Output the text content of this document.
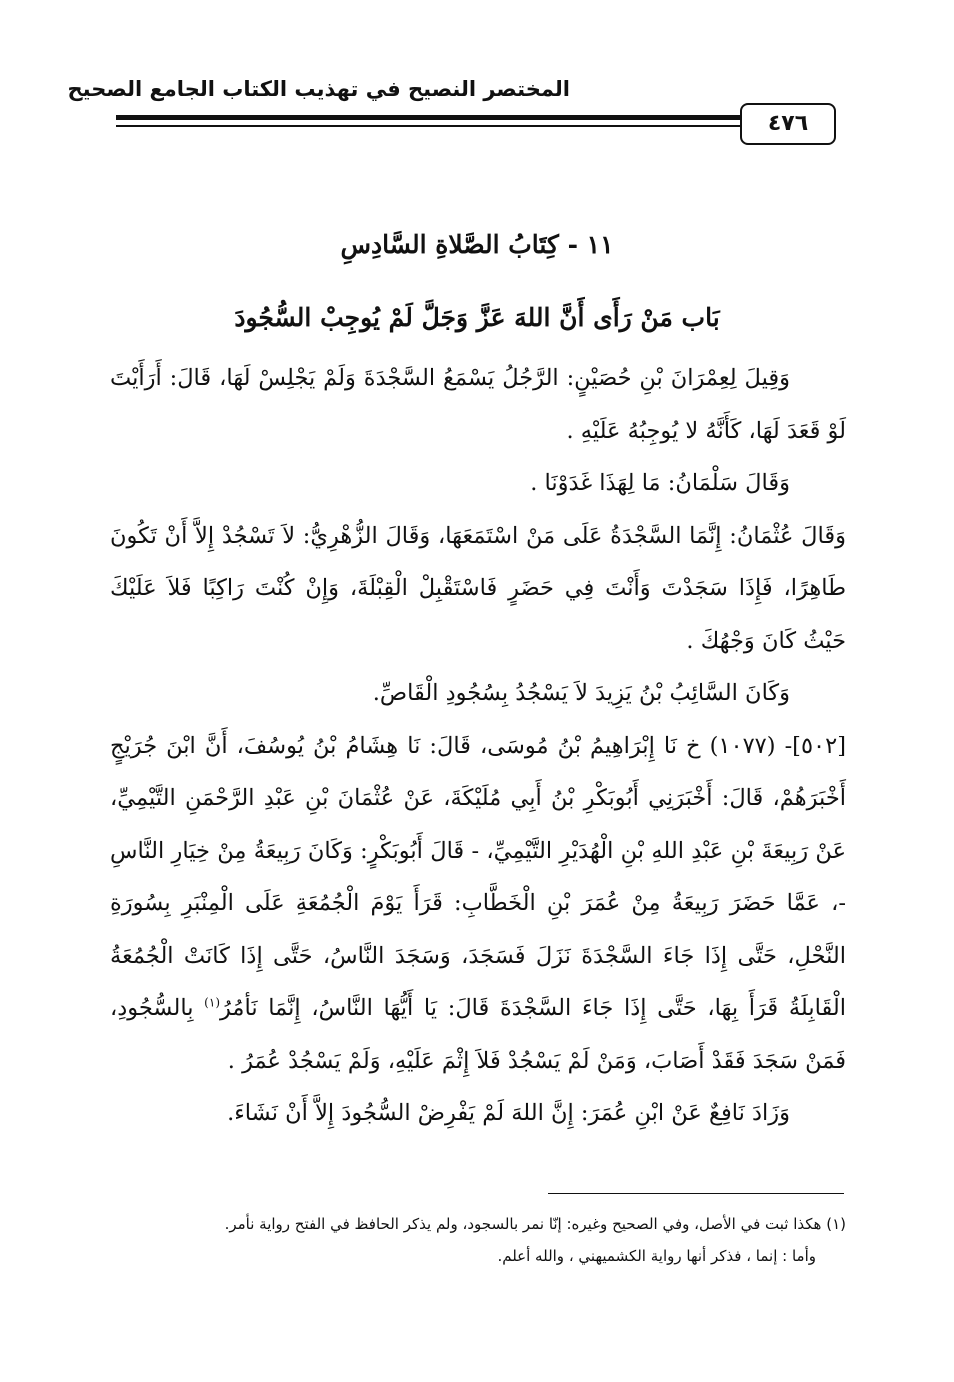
المختصر النصيح في تهذيب الكتاب الجامع الصحيح
٤٧٦
١١ - كِتَابُ الصَّلاةِ السَّادِسِ
بَاب مَنْ رَأَى أَنَّ اللهَ عَزَّ وَجَلَّ لَمْ يُوجِبْ السُّجُودَ

وَقِيلَ لِعِمْرَانَ بْنِ حُصَيْنٍ: الرَّجُلُ يَسْمَعُ السَّجْدَةَ وَلَمْ يَجْلِسْ لَهَا، قَالَ: أَرَأَيْتَ لَوْ قَعَدَ لَهَا، كَأَنَّهُ لا يُوجِبُهُ عَلَيْهِ .

وَقَالَ سَلْمَانُ: مَا لِهَذَا غَدَوْنَا .

وَقَالَ عُثْمَانُ: إِنَّمَا السَّجْدَةُ عَلَى مَنْ اسْتَمَعَهَا، وَقَالَ الزُّهْرِيُّ: لاَ تَسْجُدْ إِلاَّ أَنْ تَكُونَ طَاهِرًا، فَإِذَا سَجَدْتَ وَأَنْتَ فِي حَضَرٍ فَاسْتَقْبِلْ الْقِبْلَةَ، وَإِنْ كُنْتَ رَاكِبًا فَلاَ عَلَيْكَ حَيْثُ كَانَ وَجْهُكَ .

وَكَانَ السَّائِبُ بْنُ يَزِيدَ لاَ يَسْجُدُ بِسُجُودِ الْقَاصِّ.

[٥٠٢]- (١٠٧٧) خ نَا إِبْرَاهِيمُ بْنُ مُوسَى، قَالَ: نَا هِشَامُ بْنُ يُوسُفَ، أَنَّ ابْنَ جُرَيْجٍ أَخْبَرَهُمْ، قَالَ: أَخْبَرَنِي أَبُوبَكْرِ بْنُ أَبِي مُلَيْكَةَ، عَنْ عُثْمَانَ بْنِ عَبْدِ الرَّحْمَنِ التَّيْمِيِّ، عَنْ رَبِيعَةَ بْنِ عَبْدِ اللهِ بْنِ الْهُدَيْرِ التَّيْمِيِّ، - قَالَ أَبُوبَكْرٍ: وَكَانَ رَبِيعَةُ مِنْ خِيَارِ النَّاسِ -، عَمَّا حَضَرَ رَبِيعَةُ مِنْ عُمَرَ بْنِ الْخَطَّابِ: قَرَأَ يَوْمَ الْجُمُعَةِ عَلَى الْمِنْبَرِ بِسُورَةِ النَّحْلِ، حَتَّى إِذَا جَاءَ السَّجْدَةَ نَزَلَ فَسَجَدَ، وَسَجَدَ النَّاسُ، حَتَّى إِذَا كَانَتْ الْجُمُعَةُ الْقَابِلَةُ قَرَأَ بِهَا، حَتَّى إِذَا جَاءَ السَّجْدَةَ قَالَ: يَا أَيُّهَا النَّاسُ، إِنَّمَا نَأمُرُ$^{(١)}$ بِالسُّجُودِ، فَمَنْ سَجَدَ فَقَدْ أَصَابَ، وَمَنْ لَمْ يَسْجُدْ فَلاَ إِثْمَ عَلَيْهِ، وَلَمْ يَسْجُدْ عُمَرُ .

وَزَادَ نَافِعٌ عَنْ ابْنِ عُمَرَ: إِنَّ اللهَ لَمْ يَفْرِضْ السُّجُودَ إِلاَّ أَنْ نَشَاءَ.

(١) هكذا ثبت في الأصل، وفي الصحيح وغيره: إنّا نمر بالسجود، ولم يذكر الحافظ في الفتح رواية نأمر.

وأما : إنما ، فذكر أنها رواية الكشميهني ، والله أعلم.
